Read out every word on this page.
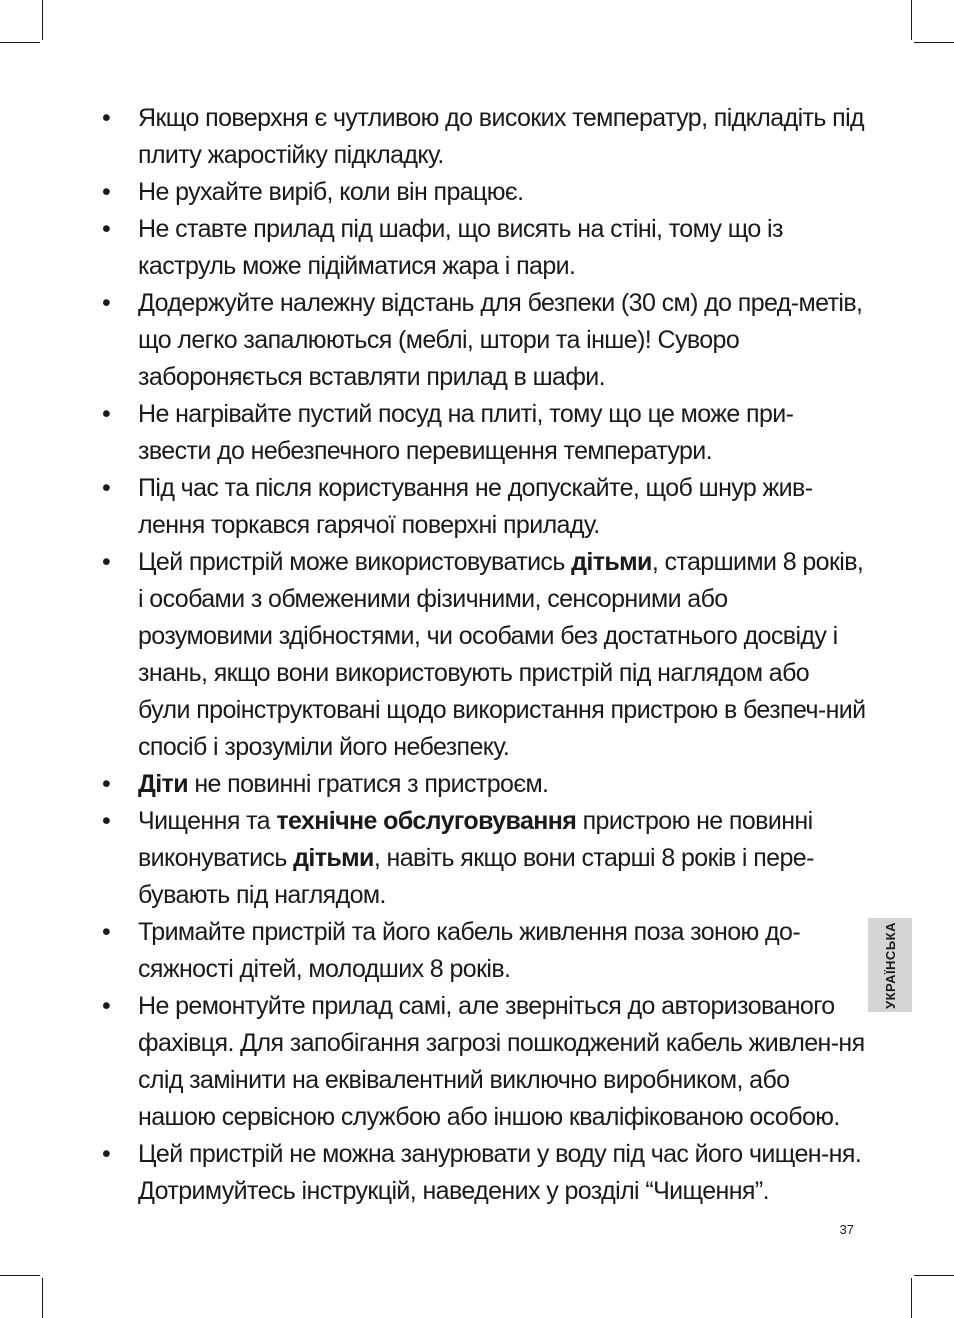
• Якщо поверхня є чутливою до високих температур, підкладіть під плиту жаростійку підкладку.
• Не рухайте виріб, коли він працює.
• Не ставте прилад під шафи, що висять на стіні, тому що із каструль може підійматися жара і пари.
• Додержуйте належну відстань для безпеки (30 см) до пред-метів, що легко запалюються (меблі, штори та інше)! Суворо забороняється вставляти прилад в шафи.
• Не нагрівайте пустий посуд на плиті, тому що це може при-звести до небезпечного перевищення температури.
• Під час та після користування не допускайте, щоб шнур жив-лення торкався гарячої поверхні приладу.
• Цей пристрій може використовуватись дітьми, старшими 8 років, і особами з обмеженими фізичними, сенсорними або розумовими здібностями, чи особами без достатнього досвіду і знань, якщо вони використовують пристрій під наглядом або були проінструктовані щодо використання пристрою в безпеч-ний спосіб і зрозуміли його небезпеку.
• Діти не повинні гратися з пристроєм.
• Чищення та технічне обслуговування пристрою не повинні виконуватись дітьми, навіть якщо вони старші 8 років і пере-бувають під наглядом.
• Тримайте пристрій та його кабель живлення поза зоною до-сяжності дітей, молодших 8 років.
• Не ремонтуйте прилад самі, але зверніться до авторизованого фахівця. Для запобігання загрозі пошкоджений кабель живлен-ня слід замінити на еквівалентний виключно виробником, або нашою сервісною службою або іншою кваліфікованою особою.
• Цей пристрій не можна занурювати у воду під час його чищен-ня. Дотримуйтесь інструкцій, наведених у розділі “Чищення”.
УКРАЇНСЬКА
37
